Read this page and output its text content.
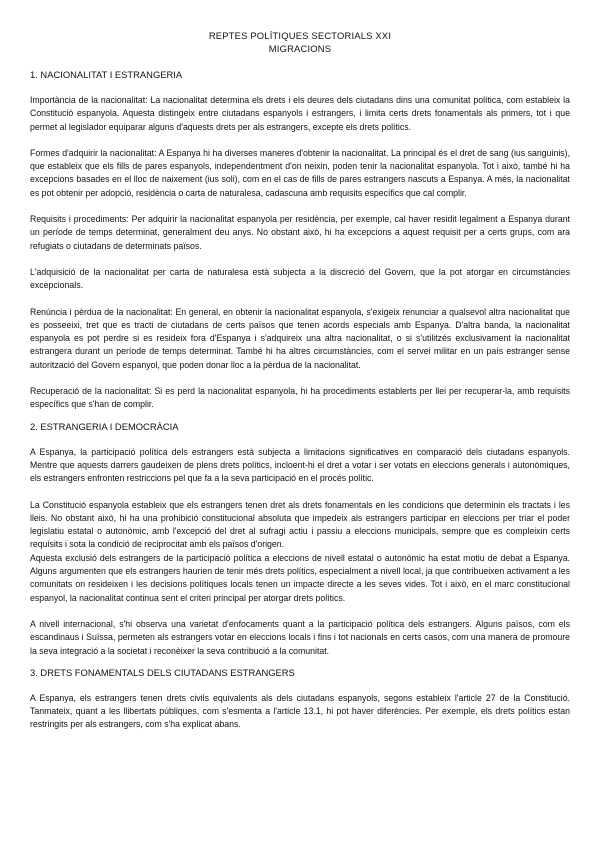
REPTES POLÍTIQUES SECTORIALS XXI
MIGRACIONS

1. NACIONALITAT I ESTRANGERIA

Importància de la nacionalitat: La nacionalitat determina els drets i els deures dels ciutadans dins una comunitat política, com estableix la Constitució espanyola. Aquesta distingeix entre ciutadans espanyols i estrangers, i limita certs drets fonamentals als primers, tot i que permet al legislador equiparar alguns d'aquests drets per als estrangers, excepte els drets polítics.

Formes d'adquirir la nacionalitat: A Espanya hi ha diverses maneres d'obtenir la nacionalitat. La principal és el dret de sang (ius sanguinis), que estableix que els fills de pares espanyols, independentment d'on neixin, poden tenir la nacionalitat espanyola. Tot i això, també hi ha excepcions basades en el lloc de naixement (ius soli), com en el cas de fills de pares estrangers nascuts a Espanya. A més, la nacionalitat es pot obtenir per adopció, residència o carta de naturalesa, cadascuna amb requisits específics que cal complir.

Requisits i procediments: Per adquirir la nacionalitat espanyola per residència, per exemple, cal haver residit legalment a Espanya durant un període de temps determinat, generalment deu anys. No obstant això, hi ha excepcions a aquest requisit per a certs grups, com ara refugiats o ciutadans de determinats països.

L'adquisició de la nacionalitat per carta de naturalesa està subjecta a la discreció del Govern, que la pot atorgar en circumstàncies excepcionals.

Renúncia i pèrdua de la nacionalitat: En general, en obtenir la nacionalitat espanyola, s'exigeix renunciar a qualsevol altra nacionalitat que es posseeixi, tret que es tracti de ciutadans de certs països que tenen acords especials amb Espanya. D'altra banda, la nacionalitat espanyola es pot perdre si es resideix fora d'Espanya i s'adquireix una altra nacionalitat, o si s'utilitzés exclusivament la nacionalitat estrangera durant un període de temps determinat. També hi ha altres circumstàncies, com el servei militar en un país estranger sense autorització del Govern espanyol, que poden donar lloc a la pèrdua de la nacionalitat.

Recuperació de la nacionalitat: Si es perd la nacionalitat espanyola, hi ha procediments establerts per llei per recuperar-la, amb requisits específics que s'han de complir.

2. ESTRANGERIA I DEMOCRÀCIA

A Espanya, la participació política dels estrangers està subjecta a limitacions significatives en comparació dels ciutadans espanyols. Mentre que aquests darrers gaudeixen de plens drets polítics, incloent-hi el dret a votar i ser votats en eleccions generals i autonòmiques, els estrangers enfronten restriccions pel que fa a la seva participació en el procés polític.

La Constitució espanyola estableix que els estrangers tenen dret als drets fonamentals en les condicions que determinin els tractats i les lleis. No obstant això, hi ha una prohibició constitucional absoluta que impedeix als estrangers participar en eleccions per triar el poder legislatiu estatal o autonòmic, amb l'excepció del dret al sufragi actiu i passiu a eleccions municipals, sempre que es compleixin certs requisits i sota la condició de reciprocitat amb els països d'origen.

Aquesta exclusió dels estrangers de la participació política a eleccions de nivell estatal o autonòmic ha estat motiu de debat a Espanya. Alguns argumenten que els estrangers haurien de tenir més drets polítics, especialment a nivell local, ja que contribueixen activament a les comunitats on resideixen i les decisions polítiques locals tenen un impacte directe a les seves vides. Tot i això, en el marc constitucional espanyol, la nacionalitat continua sent el criteri principal per atorgar drets polítics.

A nivell internacional, s'hi observa una varietat d'enfocaments quant a la participació política dels estrangers. Alguns països, com els escandinaus i Suïssa, permeten als estrangers votar en eleccions locals i fins i tot nacionals en certs casos, com una manera de promoure la seva integració a la societat i reconèixer la seva contribució a la comunitat.

3. DRETS FONAMENTALS DELS CIUTADANS ESTRANGERS

A Espanya, els estrangers tenen drets civils equivalents als dels ciutadans espanyols, segons estableix l'article 27 de la Constitució. Tanmateix, quant a les llibertats públiques, com s'esmenta a l'article 13.1, hi pot haver diferències. Per exemple, els drets polítics estan restringits per als estrangers, com s'ha explicat abans.
